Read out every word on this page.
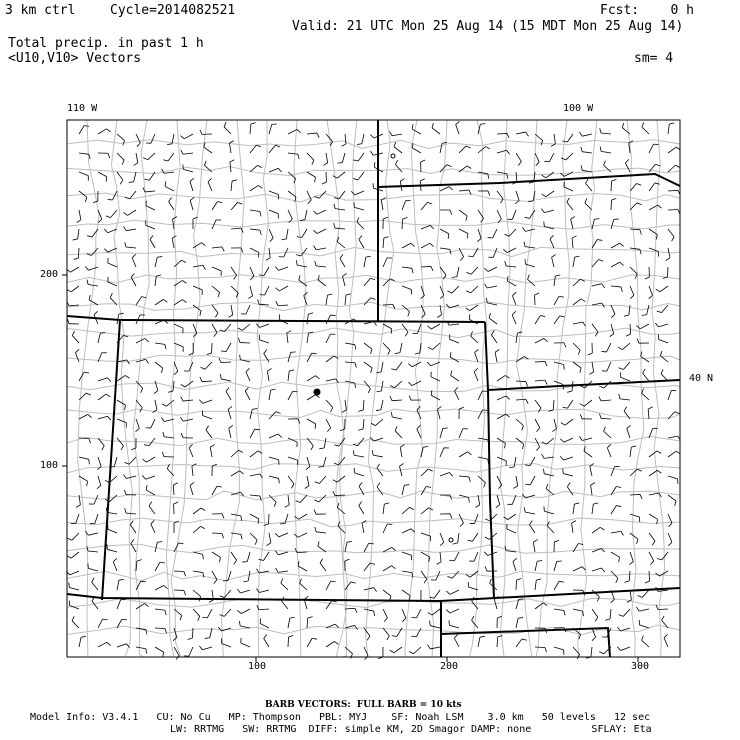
3 km ctrl	Cycle=2014082521	Fcst:    0 h
Valid: 21 UTC Mon 25 Aug 14 (15 MDT Mon 25 Aug 14)
Total precip. in past 1 h
<U10,V10> Vectors	sm= 4
110 W	100 W
40 N
100	200	300
100
200
BARB VECTORS:  FULL BARB = 10 kts
Model Info: V3.4.1   CU: No Cu   MP: Thompson   PBL: MYJ    SF: Noah LSM    3.0 km   50 levels   12 sec
LW: RRTMG   SW: RRTMG  DIFF: simple KM, 2D Smagor DAMP: none          SFLAY: Eta
